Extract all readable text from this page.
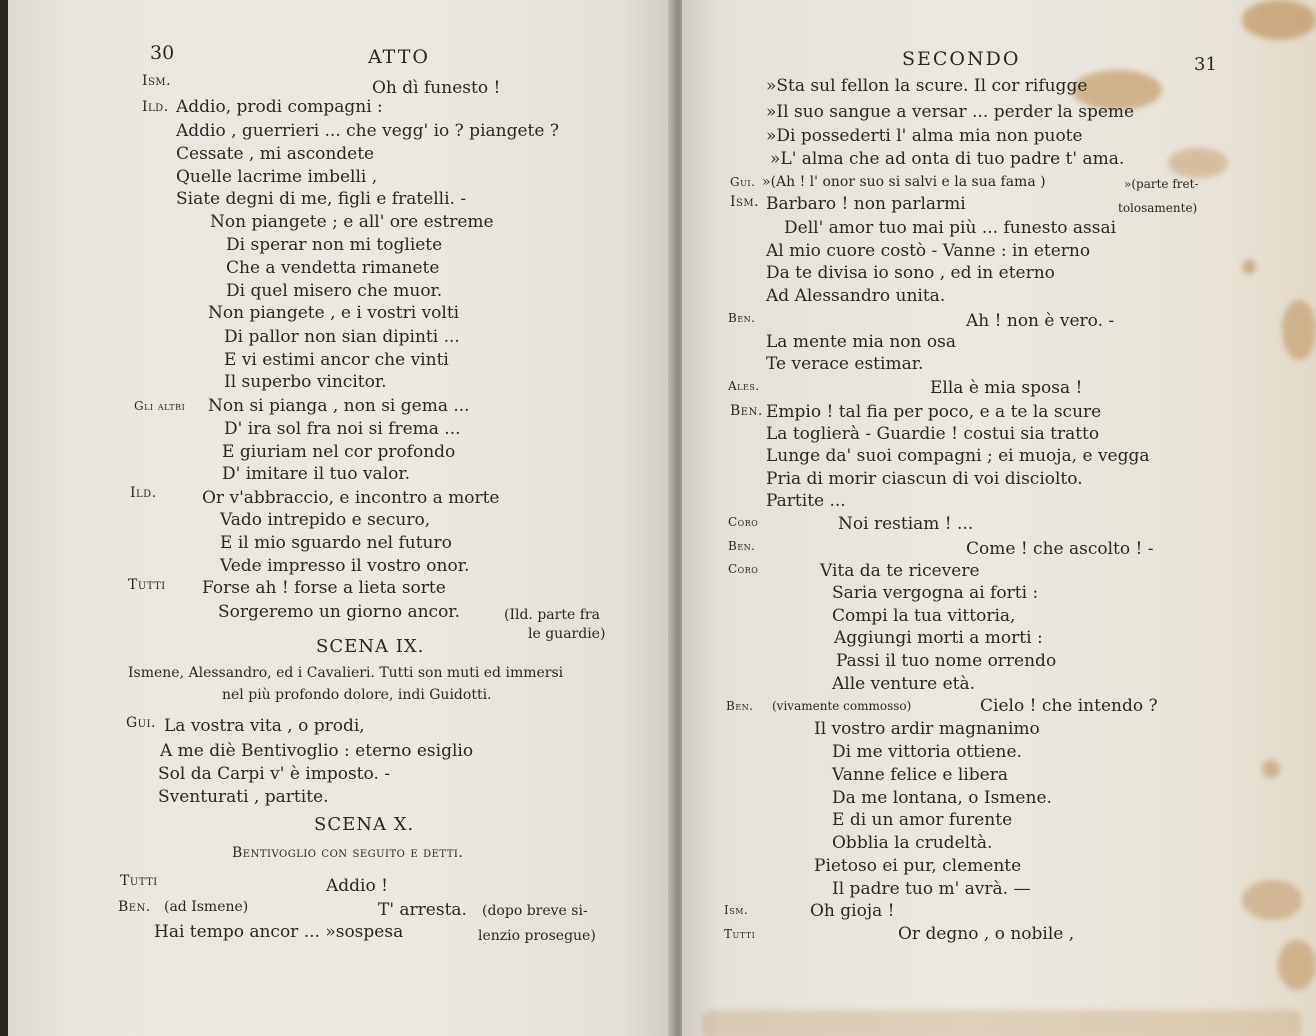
30	ATTO
Ism.	Oh dì funesto !
Ild. Addio, prodi compagni :
Addio , guerrieri ... che vegg' io ? piangete ?
Cessate , mi ascondete
Quelle lacrime imbelli ,
Siate degni di me, figli e fratelli. -
Non piangete ; e all' ore estreme
Di sperar non mi togliete
Che a vendetta rimanete
Di quel misero che muor.
Non piangete , e i vostri volti
Di pallor non sian dipinti ...
E vi estimi ancor che vinti
Il superbo vincitor.
Gli altri Non si pianga , non si gema ...
D' ira sol fra noi si frema ...
E giuriam nel cor profondo
D' imitare il tuo valor.
Ild.	Or v'abbraccio, e incontro a morte
Vado intrepido e securo,
E il mio sguardo nel futuro
Vede impresso il vostro onor.
Tutti Forse ah ! forse a lieta sorte
Sorgeremo un giorno ancor.	(Ild. parte fra
le guardie)
SCENA IX.
Ismene, Alessandro, ed i Cavalieri. Tutti son muti ed immersi
nel più profondo dolore, indi Guidotti.
Gui. La vostra vita , o prodi,
A me diè Bentivoglio : eterno esiglio
Sol da Carpi v' è imposto. -
Sventurati , partite.
SCENA X.
Bentivoglio con seguito e detti.
Tutti	Addio !
Ben. (ad Ismene)	T' arresta. (dopo breve si-
Hai tempo ancor ... »sospesa	lenzio prosegue)
SECONDO	31
»Sta sul fellon la scure. Il cor rifugge
»Il suo sangue a versar ... perder la speme
»Di possederti l' alma mia non puote
»L' alma che ad onta di tuo padre t' ama.
Gui. »(Ah ! l' onor suo si salvi e la sua fama )	»(parte fret-
Ism. Barbaro ! non parlarmi	tolosamente)
Dell' amor tuo mai più ... funesto assai
Al mio cuore costò - Vanne : in eterno
Da te divisa io sono , ed in eterno
Ad Alessandro unita.
Ben.	Ah ! non è vero. -
La mente mia non osa
Te verace estimar.
Ales.	Ella è mia sposa !
Ben. Empio ! tal fia per poco, e a te la scure
La toglierà - Guardie ! costui sia tratto
Lunge da' suoi compagni ; ei muoja, e vegga
Pria di morir ciascun di voi disciolto.
Partite ...
Coro	Noi restiam ! ...
Ben.	Come ! che ascolto ! -
Coro	Vita da te ricevere
Saria vergogna ai forti :
Compi la tua vittoria,
Aggiungi morti a morti :
Passi il tuo nome orrendo
Alle venture età.
Ben. (vivamente commosso)	Cielo ! che intendo ?
Il vostro ardir magnanimo
Di me vittoria ottiene.
Vanne felice e libera
Da me lontana, o Ismene.
E di un amor furente
Obblia la crudeltà.
Pietoso ei pur, clemente
Il padre tuo m' avrà. —
Ism.	Oh gioja !
Tutti	Or degno , o nobile ,
